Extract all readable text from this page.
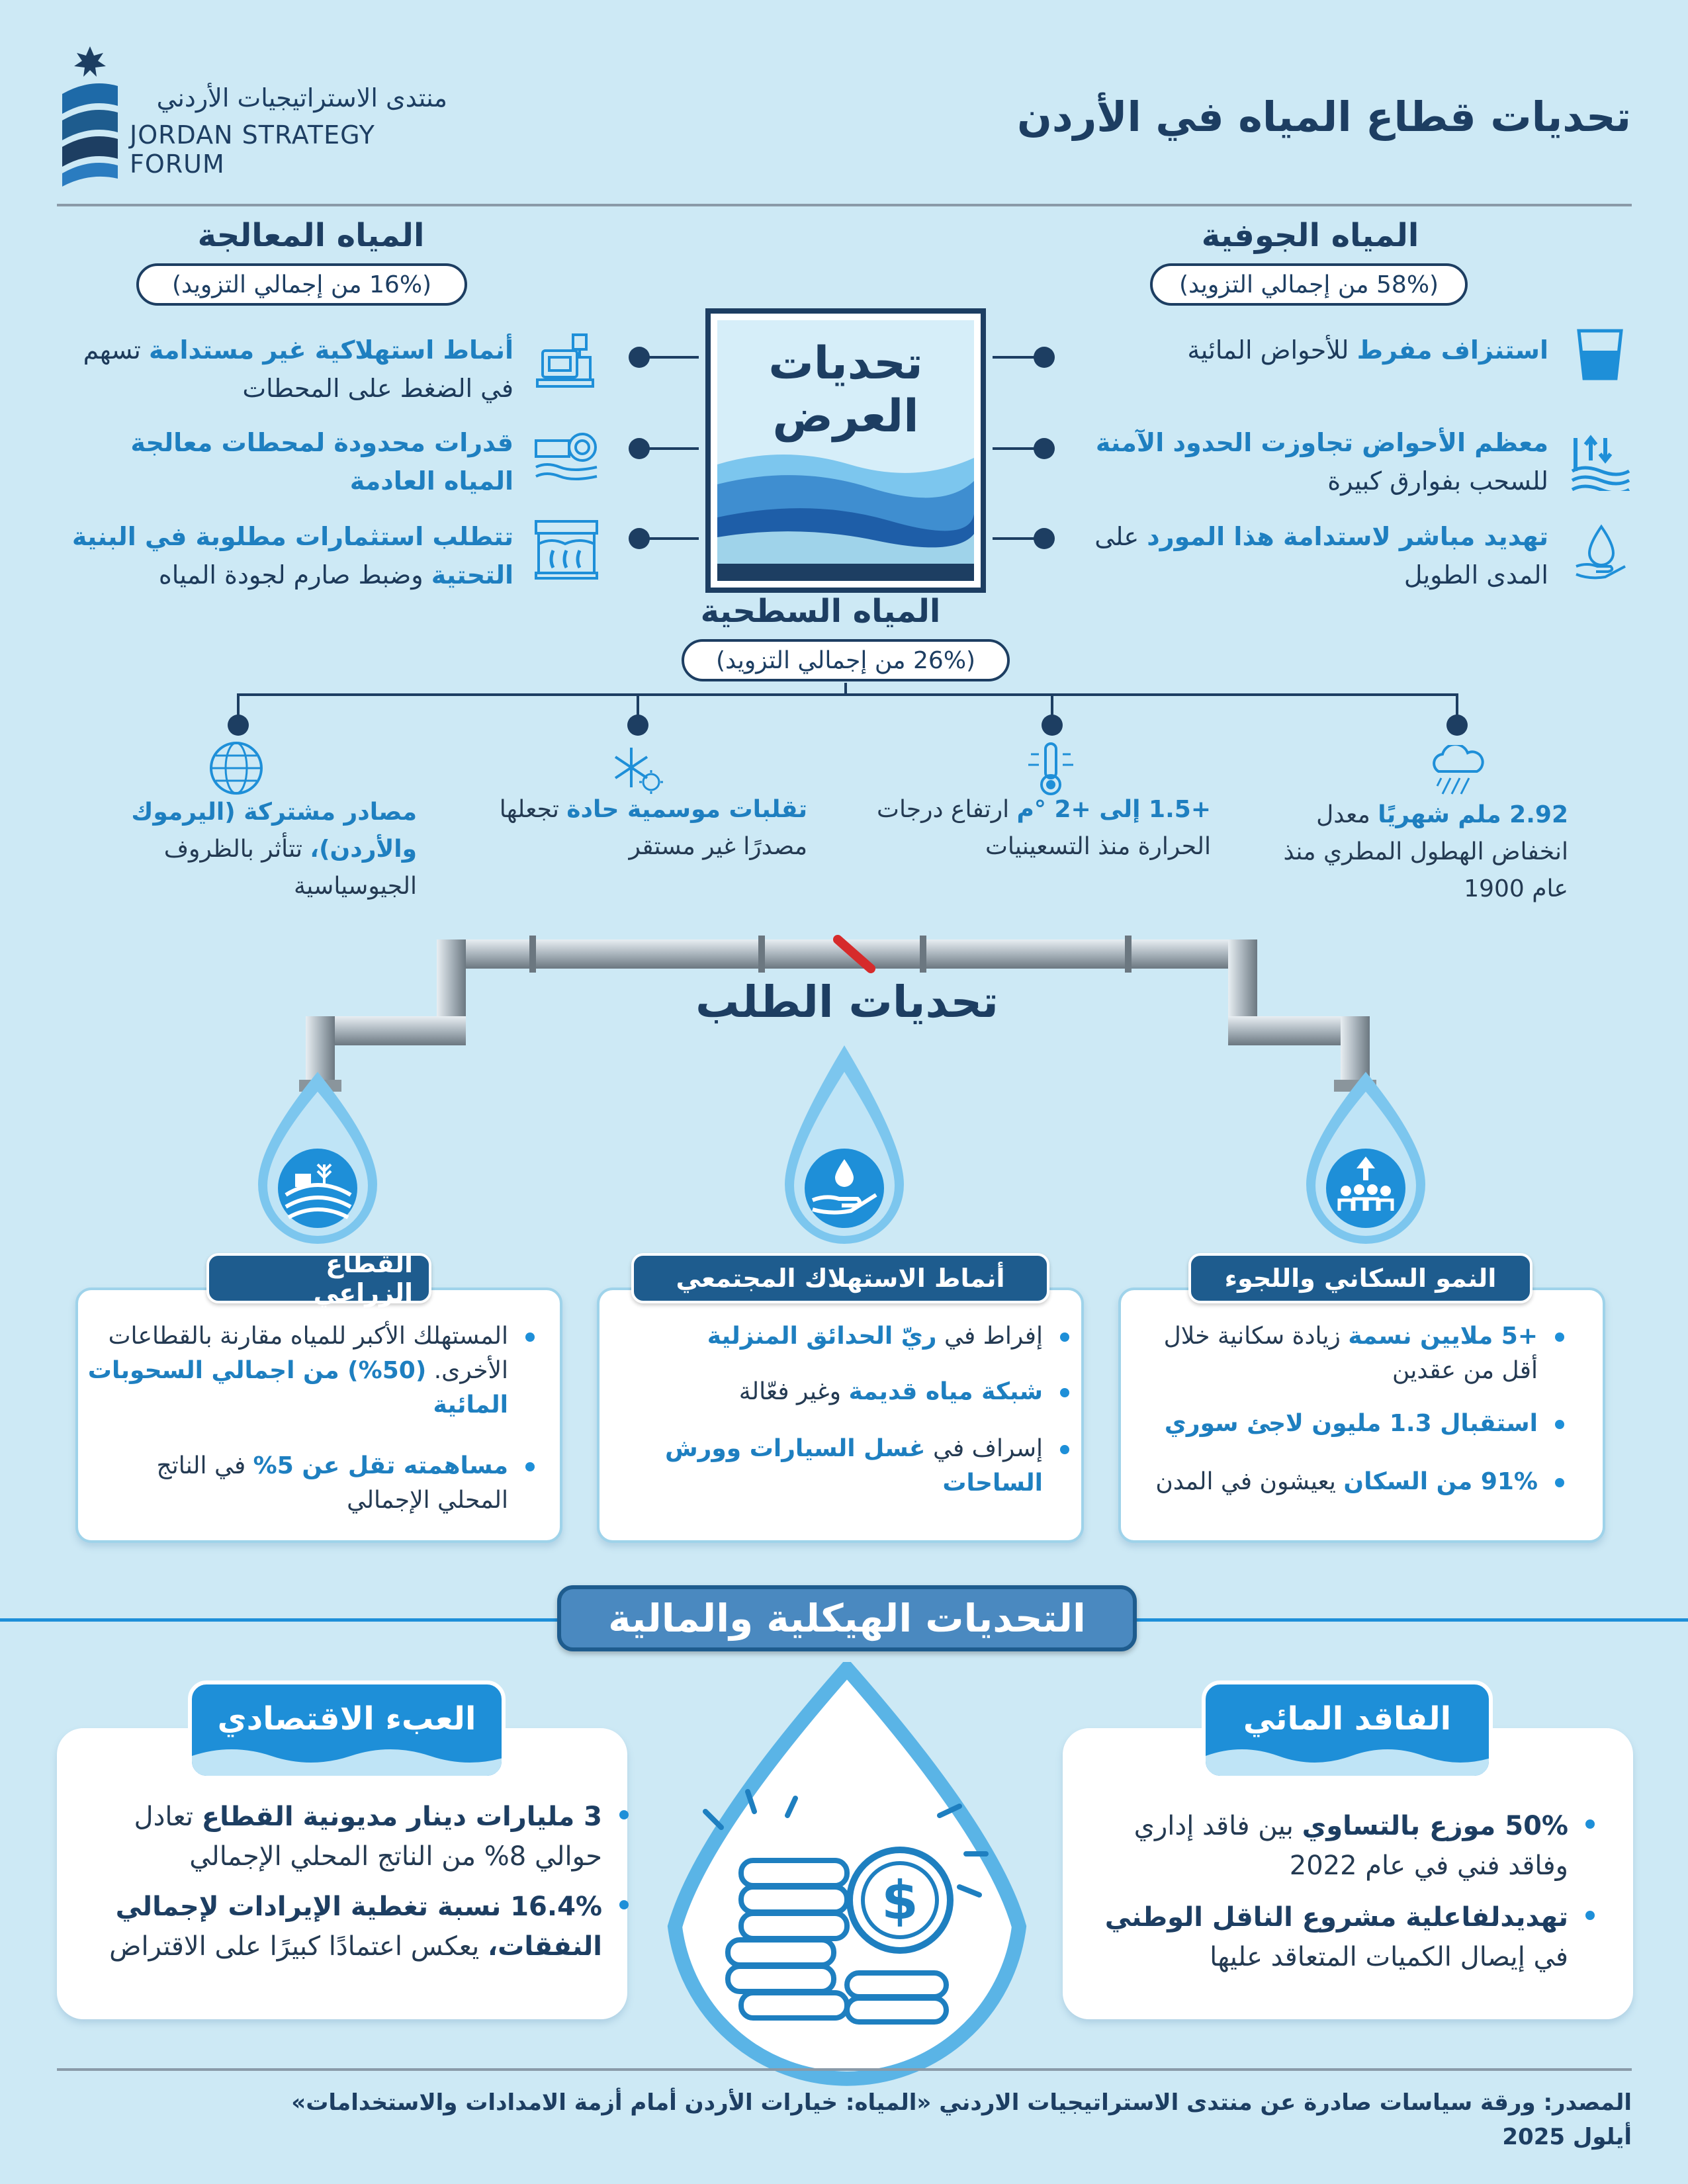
منتدى الاستراتيجيات الأردني
JORDAN STRATEGY FORUM
تحديات قطاع المياه في الأردن
المياه الجوفية
(58% من إجمالي التزويد)
المياه المعالجة
(16% من إجمالي التزويد)
تحديات
العرض
استنزاف مفرط للأحواض المائية
معظم الأحواض تجاوزت الحدود الآمنة للسحب بفوارق كبيرة
تهديد مباشر لاستدامة هذا المورد على المدى الطويل
أنماط استهلاكية غير مستدامة تسهم في الضغط على المحطات
قدرات محدودة لمحطات معالجة المياه العادمة
تتطلب استثمارات مطلوبة في البنية التحتية وضبط صارم لجودة المياه
المياه السطحية
(26% من إجمالي التزويد)
2.92 ملم شهريًا معدل انخفاض الهطول المطري منذ عام 1900
+1.5 إلى +2 °م ارتفاع درجات الحرارة منذ التسعينيات
تقلبات موسمية حادة تجعلها مصدرًا غير مستقر
مصادر مشتركة (اليرموك والأردن)، تتأثر بالظروف الجيوسياسية
تحديات الطلب
النمو السكاني واللجوء
+5 ملايين نسمة زيادة سكانية خلال أقل من عقدين
استقبال 1.3 مليون لاجئ سوري
91% من السكان يعيشون في المدن
أنماط الاستهلاك المجتمعي
إفراط في ريّ الحدائق المنزلية
شبكة مياه قديمة وغير فعّالة
إسراف في غسل السيارات وورش الساحات
القطاع الزراعي
المستهلك الأكبر للمياه مقارنة بالقطاعات الأخرى. (50%) من اجمالي السحوبات المائية
مساهمته تقل عن 5% في الناتج المحلي الإجمالي
التحديات الهيكلية والمالية
$
الفاقد المائي
50% موزع بالتساوي بين فاقد إداري وفاقد فني في عام 2022
تهديدلفاعلية مشروع الناقل الوطني في إيصال الكميات المتعاقد عليها
العبء الاقتصادي
3 مليارات دينار مديونية القطاع تعادل حوالي 8% من الناتج المحلي الإجمالي
16.4% نسبة تغطية الإيرادات لإجمالي النفقات، يعكس اعتمادًا كبيرًا على الاقتراض
المصدر: ورقة سياسات صادرة عن منتدى الاستراتيجيات الاردني «المياه: خيارات الأردن أمام أزمة الامدادات والاستخدامات»
أيلول 2025
